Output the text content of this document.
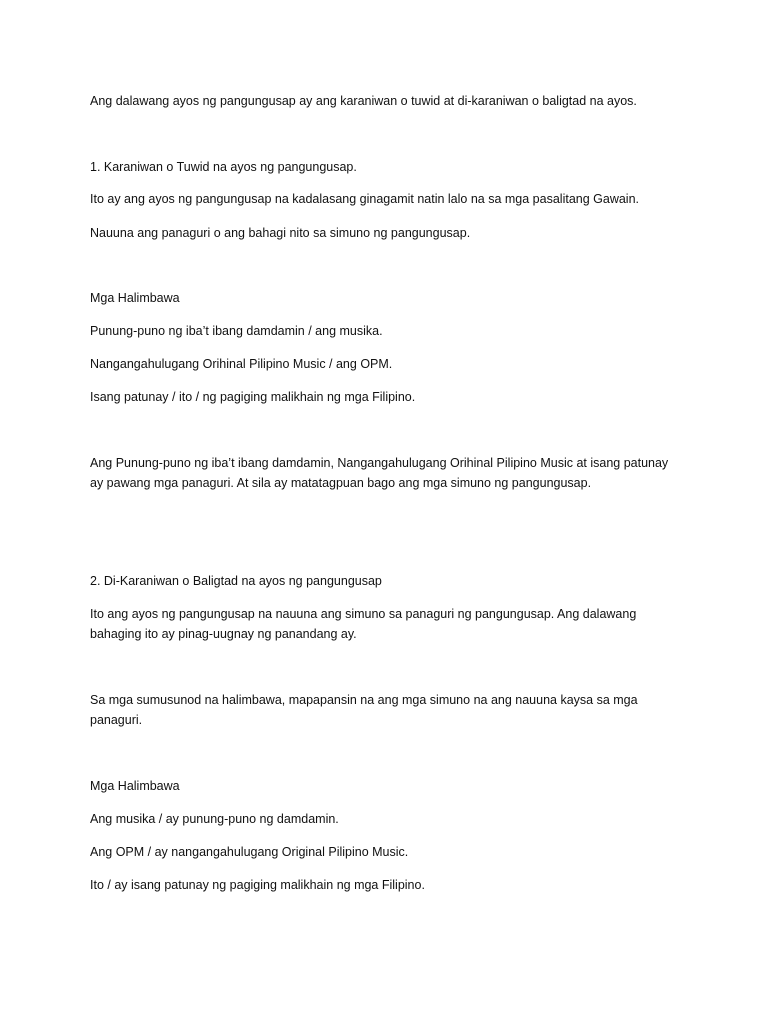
Ang dalawang ayos ng pangungusap ay ang karaniwan o tuwid at di-karaniwan o baligtad na ayos.

1. Karaniwan o Tuwid na ayos ng pangungusap.

Ito ay ang ayos ng pangungusap na kadalasang ginagamit natin lalo na sa mga pasalitang Gawain.

Nauuna ang panaguri o ang bahagi nito sa simuno ng pangungusap.

Mga Halimbawa

Punung-puno ng iba’t ibang damdamin / ang musika.

Nangangahulugang Orihinal Pilipino Music / ang OPM.

Isang patunay / ito / ng pagiging malikhain ng mga Filipino.

Ang Punung-puno ng iba’t ibang damdamin, Nangangahulugang Orihinal Pilipino Music at isang patunay

ay pawang mga panaguri. At sila ay matatagpuan bago ang mga simuno ng pangungusap.

2. Di-Karaniwan o Baligtad na ayos ng pangungusap

Ito ang ayos ng pangungusap na nauuna ang simuno sa panaguri ng pangungusap. Ang dalawang

bahaging ito ay pinag-uugnay ng panandang ay.

Sa mga sumusunod na halimbawa, mapapansin na ang mga simuno na ang nauuna kaysa sa mga

panaguri.

Mga Halimbawa

Ang musika / ay punung-puno ng damdamin.

Ang OPM / ay nangangahulugang Original Pilipino Music.

Ito / ay isang patunay ng pagiging malikhain ng mga Filipino.
